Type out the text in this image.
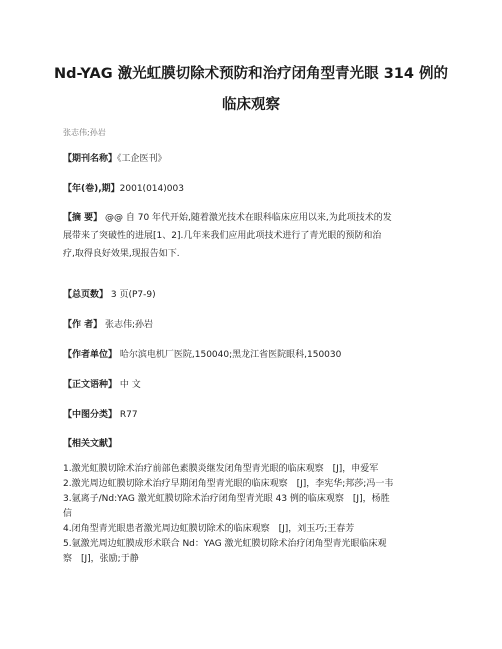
Nd-YAG 激光虹膜切除术预防和治疗闭角型青光眼 314 例的
临床观察
张志伟;孙岩
【期刊名称】《工企医刊》
【年(卷),期】2001(014)003
【摘 要】 @@ 自 70 年代开始,随着激光技术在眼科临床应用以来,为此项技术的发
展带来了突破性的进展[1、2].几年来我们应用此项技术进行了青光眼的预防和治
疗,取得良好效果,现报告如下.
【总页数】 3 页(P7-9)
【作 者】 张志伟;孙岩
【作者单位】 哈尔滨电机厂医院,150040;黑龙江省医院眼科,150030
【正文语种】 中 文
【中图分类】 R77
【相关文献】
1.激光虹膜切除术治疗前部色素膜炎继发闭角型青光眼的临床观察　[J]，申爱军
2.激光周边虹膜切除术治疗早期闭角型青光眼的临床观察　[J]，李宪华;邦莎;冯一韦
3.氩离子/Nd:YAG 激光虹膜切除术治疗闭角型青光眼 43 例的临床观察　[J]，杨胜
信
4.闭角型青光眼患者激光周边虹膜切除术的临床观察　[J]，刘玉巧;王春芳
5.氩激光周边虹膜成形术联合 Nd：YAG 激光虹膜切除术治疗闭角型青光眼临床观
察　[J]，张励;于静
